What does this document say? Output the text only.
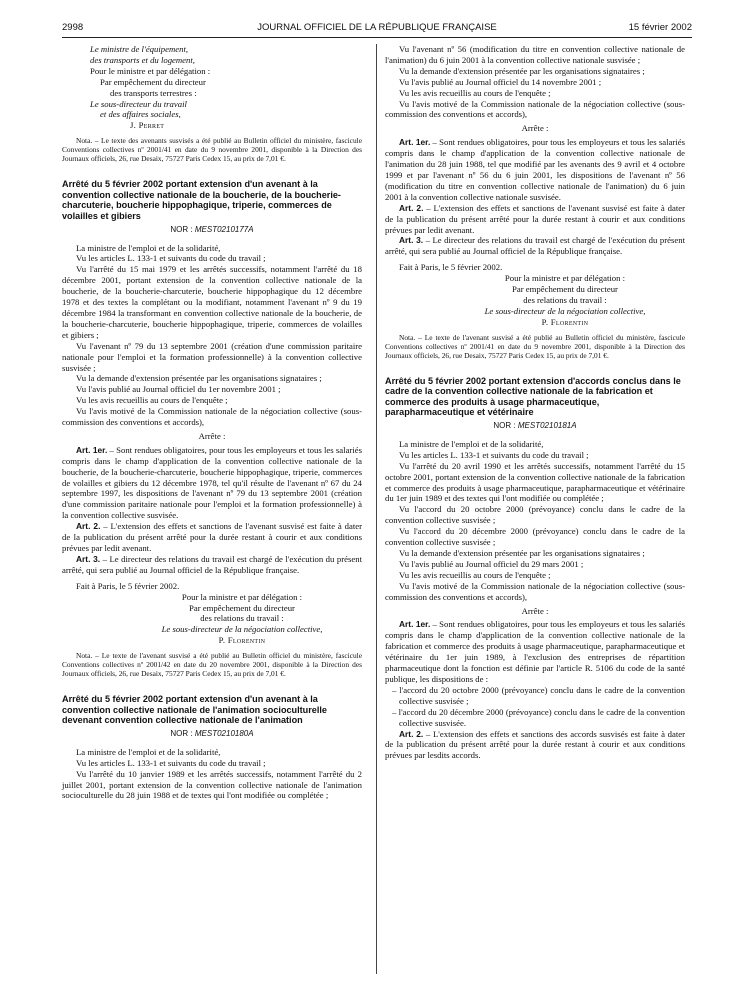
2998	JOURNAL OFFICIEL DE LA RÉPUBLIQUE FRANÇAISE	15 février 2002

Le ministre de l'équipement,

des transports et du logement,

Pour le ministre et par délégation :

Par empêchement du directeur

des transports terrestres :

Le sous-directeur du travail

et des affaires sociales,

J. Perret

Nota. – Le texte des avenants susvisés a été publié au Bulletin officiel du ministère, fascicule Conventions collectives nº 2001/41 en date du 9 novembre 2001, disponible à la Direction des Journaux officiels, 26, rue Desaix, 75727 Paris Cedex 15, au prix de 7,01 €.

Arrêté du 5 février 2002 portant extension d'un avenant à la convention collective nationale de la boucherie, de la boucherie-charcuterie, boucherie hippophagique, triperie, commerces de volailles et gibiers

NOR : MEST0210177A

La ministre de l'emploi et de la solidarité,

Vu les articles L. 133-1 et suivants du code du travail ;

Vu l'arrêté du 15 mai 1979 et les arrêtés successifs, notamment l'arrêté du 18 décembre 2001, portant extension de la convention collective nationale de la boucherie, de la boucherie-charcuterie, boucherie hippophagique du 12 décembre 1978 et des textes la complétant ou la modifiant, notamment l'avenant nº 9 du 19 décembre 1984 la transformant en convention collective nationale de la boucherie, de la boucherie-charcuterie, boucherie hippophagique, triperie, commerces de volailles et gibiers ;

Vu l'avenant nº 79 du 13 septembre 2001 (création d'une commission paritaire nationale pour l'emploi et la formation professionnelle) à la convention collective susvisée ;

Vu la demande d'extension présentée par les organisations signataires ;

Vu l'avis publié au Journal officiel du 1er novembre 2001 ;

Vu les avis recueillis au cours de l'enquête ;

Vu l'avis motivé de la Commission nationale de la négociation collective (sous-commission des conventions et accords),

Arrête :

Art. 1er. – Sont rendues obligatoires, pour tous les employeurs et tous les salariés compris dans le champ d'application de la convention collective nationale de la boucherie, de la boucherie-charcuterie, boucherie hippophagique, triperie, commerces de volailles et gibiers du 12 décembre 1978, tel qu'il résulte de l'avenant nº 67 du 24 septembre 1997, les dispositions de l'avenant nº 79 du 13 septembre 2001 (création d'une commission paritaire nationale pour l'emploi et la formation professionnelle) à la convention collective susvisée.

Art. 2. – L'extension des effets et sanctions de l'avenant susvisé est faite à dater de la publication du présent arrêté pour la durée restant à courir et aux conditions prévues par ledit avenant.

Art. 3. – Le directeur des relations du travail est chargé de l'exécution du présent arrêté, qui sera publié au Journal officiel de la République française.

Fait à Paris, le 5 février 2002.

Pour la ministre et par délégation :

Par empêchement du directeur

des relations du travail :

Le sous-directeur de la négociation collective,

P. Florentin

Nota. – Le texte de l'avenant susvisé a été publié au Bulletin officiel du ministère, fascicule Conventions collectives nº 2001/42 en date du 20 novembre 2001, disponible à la Direction des Journaux officiels, 26, rue Desaix, 75727 Paris Cedex 15, au prix de 7,01 €.

Arrêté du 5 février 2002 portant extension d'un avenant à la convention collective nationale de l'animation socioculturelle devenant convention collective nationale de l'animation

NOR : MEST0210180A

La ministre de l'emploi et de la solidarité,

Vu les articles L. 133-1 et suivants du code du travail ;

Vu l'arrêté du 10 janvier 1989 et les arrêtés successifs, notamment l'arrêté du 2 juillet 2001, portant extension de la convention collective nationale de l'animation socioculturelle du 28 juin 1988 et de textes qui l'ont modifiée ou complétée ;

Vu l'avenant nº 56 (modification du titre en convention collective nationale de l'animation) du 6 juin 2001 à la convention collective nationale susvisée ;

Vu la demande d'extension présentée par les organisations signataires ;

Vu l'avis publié au Journal officiel du 14 novembre 2001 ;

Vu les avis recueillis au cours de l'enquête ;

Vu l'avis motivé de la Commission nationale de la négociation collective (sous-commission des conventions et accords),

Arrête :

Art. 1er. – Sont rendues obligatoires, pour tous les employeurs et tous les salariés compris dans le champ d'application de la convention collective nationale de l'animation du 28 juin 1988, tel que modifié par les avenants des 9 avril et 4 octobre 1999 et par l'avenant nº 56 du 6 juin 2001, les dispositions de l'avenant nº 56 (modification du titre en convention collective nationale de l'animation) du 6 juin 2001 à la convention collective nationale susvisée.

Art. 2. – L'extension des effets et sanctions de l'avenant susvisé est faite à dater de la publication du présent arrêté pour la durée restant à courir et aux conditions prévues par ledit avenant.

Art. 3. – Le directeur des relations du travail est chargé de l'exécution du présent arrêté, qui sera publié au Journal officiel de la République française.

Fait à Paris, le 5 février 2002.

Pour la ministre et par délégation :

Par empêchement du directeur

des relations du travail :

Le sous-directeur de la négociation collective,

P. Florentin

Nota. – Le texte de l'avenant susvisé a été publié au Bulletin officiel du ministère, fascicule Conventions collectives nº 2001/41 en date du 9 novembre 2001, disponible à la Direction des Journaux officiels, 26, rue Desaix, 75727 Paris Cedex 15, au prix de 7,01 €.

Arrêté du 5 février 2002 portant extension d'accords conclus dans le cadre de la convention collective nationale de la fabrication et commerce des produits à usage pharmaceutique, parapharmaceutique et vétérinaire

NOR : MEST0210181A

La ministre de l'emploi et de la solidarité,

Vu les articles L. 133-1 et suivants du code du travail ;

Vu l'arrêté du 20 avril 1990 et les arrêtés successifs, notamment l'arrêté du 15 octobre 2001, portant extension de la convention collective nationale de la fabrication et commerce des produits à usage pharmaceutique, parapharmaceutique et vétérinaire du 1er juin 1989 et des textes qui l'ont modifiée ou complétée ;

Vu l'accord du 20 octobre 2000 (prévoyance) conclu dans le cadre de la convention collective susvisée ;

Vu l'accord du 20 décembre 2000 (prévoyance) conclu dans le cadre de la convention collective susvisée ;

Vu la demande d'extension présentée par les organisations signataires ;

Vu l'avis publié au Journal officiel du 29 mars 2001 ;

Vu les avis recueillis au cours de l'enquête ;

Vu l'avis motivé de la Commission nationale de la négociation collective (sous-commission des conventions et accords),

Arrête :

Art. 1er. – Sont rendues obligatoires, pour tous les employeurs et tous les salariés compris dans le champ d'application de la convention collective nationale de la fabrication et commerce des produits à usage pharmaceutique, parapharmaceutique et vétérinaire du 1er juin 1989, à l'exclusion des entreprises de répartition pharmaceutique dont la fonction est définie par l'article R. 5106 du code de la santé publique, les dispositions de :

– l'accord du 20 octobre 2000 (prévoyance) conclu dans le cadre de la convention collective susvisée ;

– l'accord du 20 décembre 2000 (prévoyance) conclu dans le cadre de la convention collective susvisée.

Art. 2. – L'extension des effets et sanctions des accords susvisés est faite à dater de la publication du présent arrêté pour la durée restant à courir et aux conditions prévues par lesdits accords.
